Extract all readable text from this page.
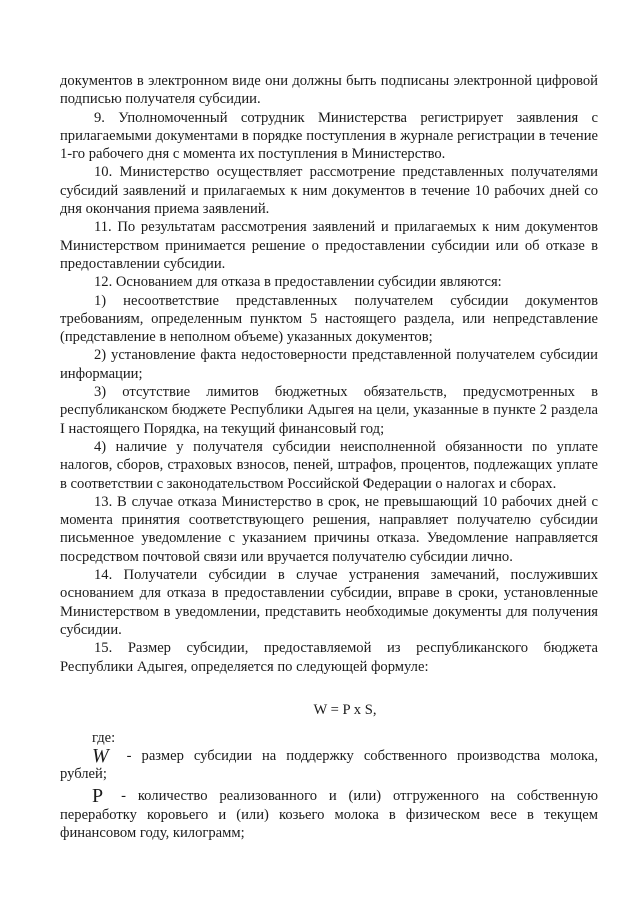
документов в электронном виде они должны быть подписаны электронной цифровой подписью получателя субсидии.

9. Уполномоченный сотрудник Министерства регистрирует заявления с прилагаемыми документами в порядке поступления в журнале регистрации в течение 1-го рабочего дня с момента их поступления в Министерство.

10. Министерство осуществляет рассмотрение представленных получателями субсидий заявлений и прилагаемых к ним документов в течение 10 рабочих дней со дня окончания приема заявлений.

11. По результатам рассмотрения заявлений и прилагаемых к ним документов Министерством принимается решение о предоставлении субсидии или об отказе в предоставлении субсидии.

12. Основанием для отказа в предоставлении субсидии являются:

1) несоответствие представленных получателем субсидии документов требованиям, определенным пунктом 5 настоящего раздела, или непредставление (представление в неполном объеме) указанных документов;

2) установление факта недостоверности представленной получателем субсидии информации;

3) отсутствие лимитов бюджетных обязательств, предусмотренных в республиканском бюджете Республики Адыгея на цели, указанные в пункте 2 раздела I настоящего Порядка, на текущий финансовый год;

4) наличие у получателя субсидии неисполненной обязанности по уплате налогов, сборов, страховых взносов, пеней, штрафов, процентов, подлежащих уплате в соответствии с законодательством Российской Федерации о налогах и сборах.

13. В случае отказа Министерство в срок, не превышающий 10 рабочих дней с момента принятия соответствующего решения, направляет получателю субсидии письменное уведомление с указанием причины отказа. Уведомление направляется посредством почтовой связи или вручается получателю субсидии лично.

14. Получатели субсидии в случае устранения замечаний, послуживших основанием для отказа в предоставлении субсидии, вправе в сроки, установленные Министерством в уведомлении, представить необходимые документы для получения субсидии.

15. Размер субсидии, предоставляемой из республиканского бюджета Республики Адыгея, определяется по следующей формуле:

W = P x S,

где:

W - размер субсидии на поддержку собственного производства молока, рублей;

P - количество реализованного и (или) отгруженного на собственную переработку коровьего и (или) козьего молока в физическом весе в текущем финансовом году, килограмм;
